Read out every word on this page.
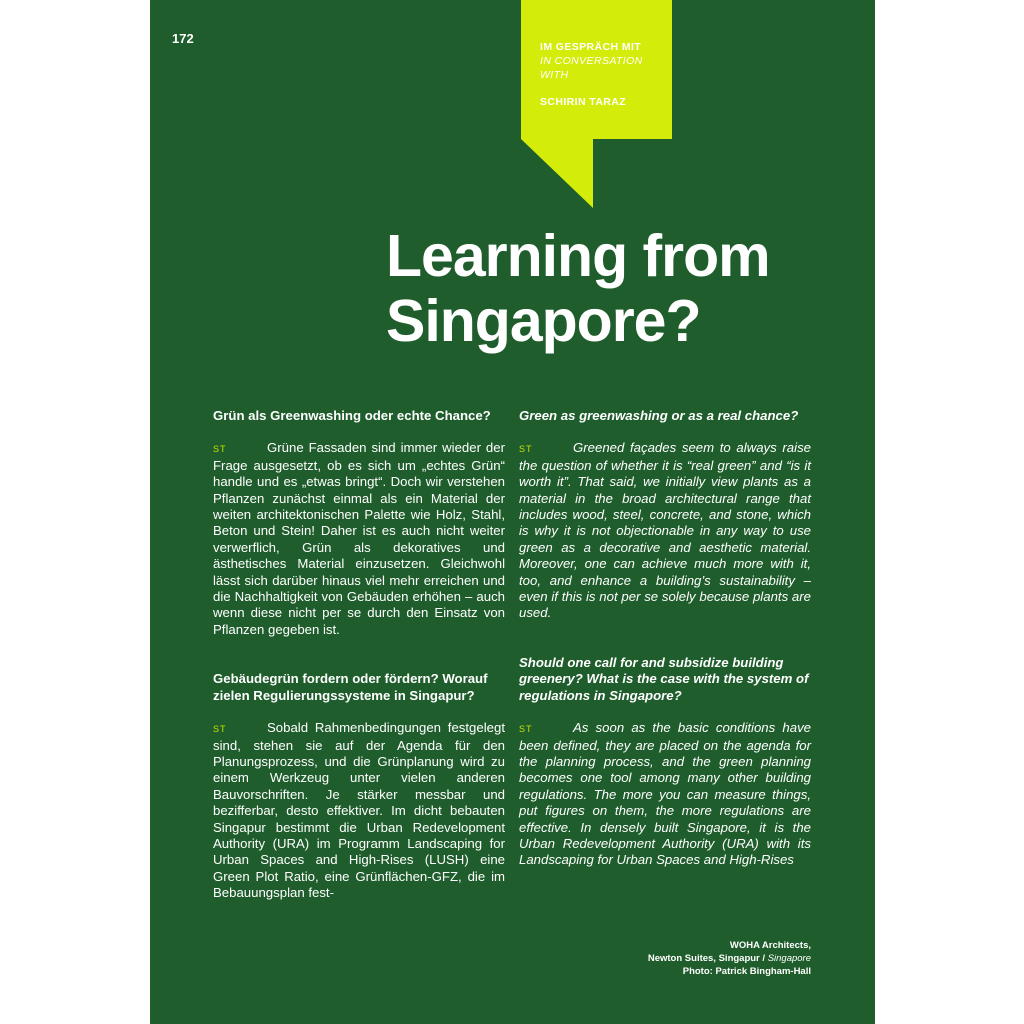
172
IM GESPRÄCH MIT
IN CONVERSATION
WITH
SCHIRIN TARAZ
Learning from
Singapore?
Grün als Greenwashing oder echte Chance?

ST	Grüne Fassaden sind immer wieder der Frage ausgesetzt, ob es sich um „echtes Grün“ handle und es „etwas bringt“. Doch wir verstehen Pflanzen zunächst einmal als ein Material der weiten architektonischen Palette wie Holz, Stahl, Beton und Stein! Daher ist es auch nicht weiter verwerflich, Grün als dekoratives und ästhetisches Material einzusetzen. Gleichwohl lässt sich darüber hinaus viel mehr erreichen und die Nachhaltigkeit von Gebäuden erhöhen – auch wenn diese nicht per se durch den Einsatz von Pflanzen gegeben ist.

Gebäudegrün fordern oder fördern? Worauf zielen Regulierungssysteme in Singapur?

ST	Sobald Rahmenbedingungen festgelegt sind, stehen sie auf der Agenda für den Planungsprozess, und die Grünplanung wird zu einem Werkzeug unter vielen anderen Bauvorschriften. Je stärker messbar und bezifferbar, desto effektiver. Im dicht bebauten Singapur bestimmt die Urban Redevelopment Authority (URA) im Programm Landscaping for Urban Spaces and High-Rises (LUSH) eine Green Plot Ratio, eine Grünflächen-GFZ, die im Bebauungsplan fest-

Green as greenwashing or as a real chance?

ST	Greened façades seem to always raise the question of whether it is “real green” and “is it worth it”. That said, we initially view plants as a material in the broad architectural range that includes wood, steel, concrete, and stone, which is why it is not objectionable in any way to use green as a decorative and aesthetic material. Moreover, one can achieve much more with it, too, and enhance a building’s sustainability – even if this is not per se solely because plants are used.

Should one call for and subsidize building greenery? What is the case with the system of regulations in Singapore?

ST	As soon as the basic conditions have been defined, they are placed on the agenda for the planning process, and the green planning becomes one tool among many other building regulations. The more you can measure things, put figures on them, the more regulations are effective. In densely built Singapore, it is the Urban Redevelopment Authority (URA) with its Landscaping for Urban Spaces and High-Rises

WOHA Architects,
Newton Suites, Singapur / Singapore
Photo: Patrick Bingham-Hall
